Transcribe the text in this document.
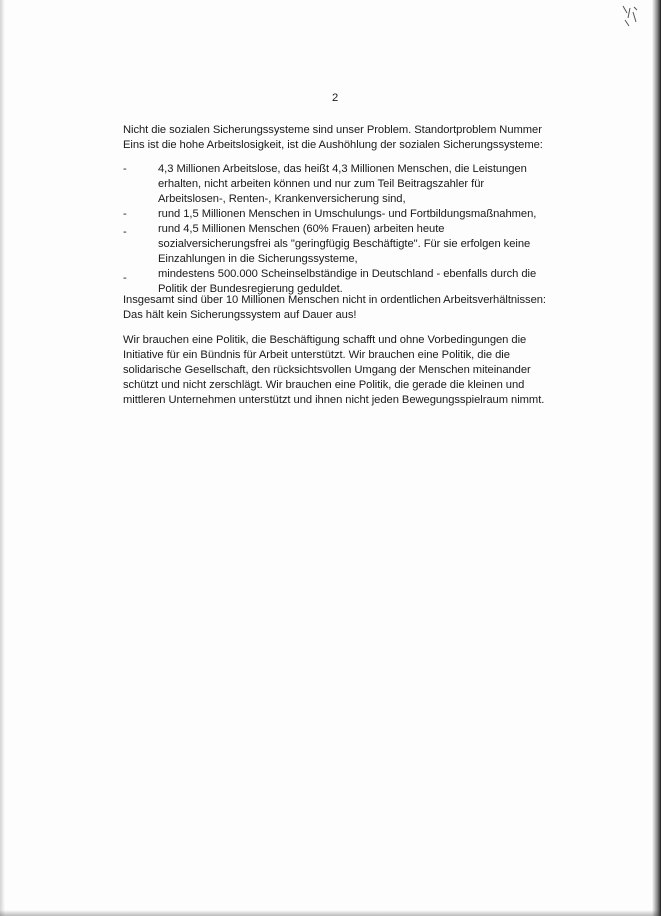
2

Nicht die sozialen Sicherungssysteme sind unser Problem. Standortproblem Nummer
Eins ist die hohe Arbeitslosigkeit, ist die Aushöhlung der sozialen Sicherungssysteme:

-	4,3 Millionen Arbeitslose, das heißt 4,3 Millionen Menschen, die Leistungen
erhalten, nicht arbeiten können und nur zum Teil Beitragszahler für
Arbeitslosen-, Renten-, Krankenversicherung sind,
-	rund 1,5 Millionen Menschen in Umschulungs- und Fortbildungsmaßnahmen,
-	rund 4,5 Millionen Menschen (60% Frauen) arbeiten heute
sozialversicherungsfrei als "geringfügig Beschäftigte". Für sie erfolgen keine
Einzahlungen in die Sicherungssysteme,
-	mindestens 500.000 Scheinselbständige in Deutschland - ebenfalls durch die
Politik der Bundesregierung geduldet.

Insgesamt sind über 10 Millionen Menschen nicht in ordentlichen Arbeitsverhältnissen:
Das hält kein Sicherungssystem auf Dauer aus!

Wir brauchen eine Politik, die Beschäftigung schafft und ohne Vorbedingungen die
Initiative für ein Bündnis für Arbeit unterstützt. Wir brauchen eine Politik, die die
solidarische Gesellschaft, den rücksichtsvollen Umgang der Menschen miteinander
schützt und nicht zerschlägt. Wir brauchen eine Politik, die gerade die kleinen und
mittleren Unternehmen unterstützt und ihnen nicht jeden Bewegungsspielraum nimmt.
